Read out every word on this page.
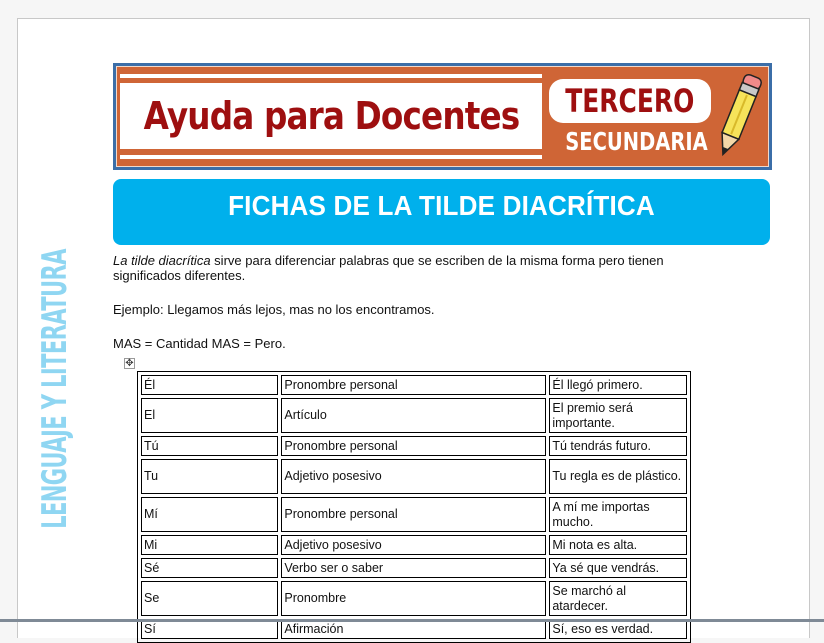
Ayuda para Docentes TERCERO
SECUNDARIA
FICHAS DE LA TILDE DIACRÍTICA
LENGUAJE Y LITERATURA	La tilde diacrítica sirve para diferenciar palabras que se escriben de la misma forma pero tienen significados diferentes.

Ejemplo: Llegamos más lejos, mas no los encontramos.

MAS = Cantidad MAS = Pero.

✥
Él	Pronombre personal	Él llegó primero.
El	Artículo	El premio será importante.
Tú	Pronombre personal	Tú tendrás futuro.
Tu	Adjetivo posesivo	Tu regla es de plástico.
Mí	Pronombre personal	A mí me importas mucho.
Mi	Adjetivo posesivo	Mi nota es alta.
Sé	Verbo ser o saber	Ya sé que vendrás.
Se	Pronombre	Se marchó al atardecer.
Sí	Afirmación	Sí, eso es verdad.
